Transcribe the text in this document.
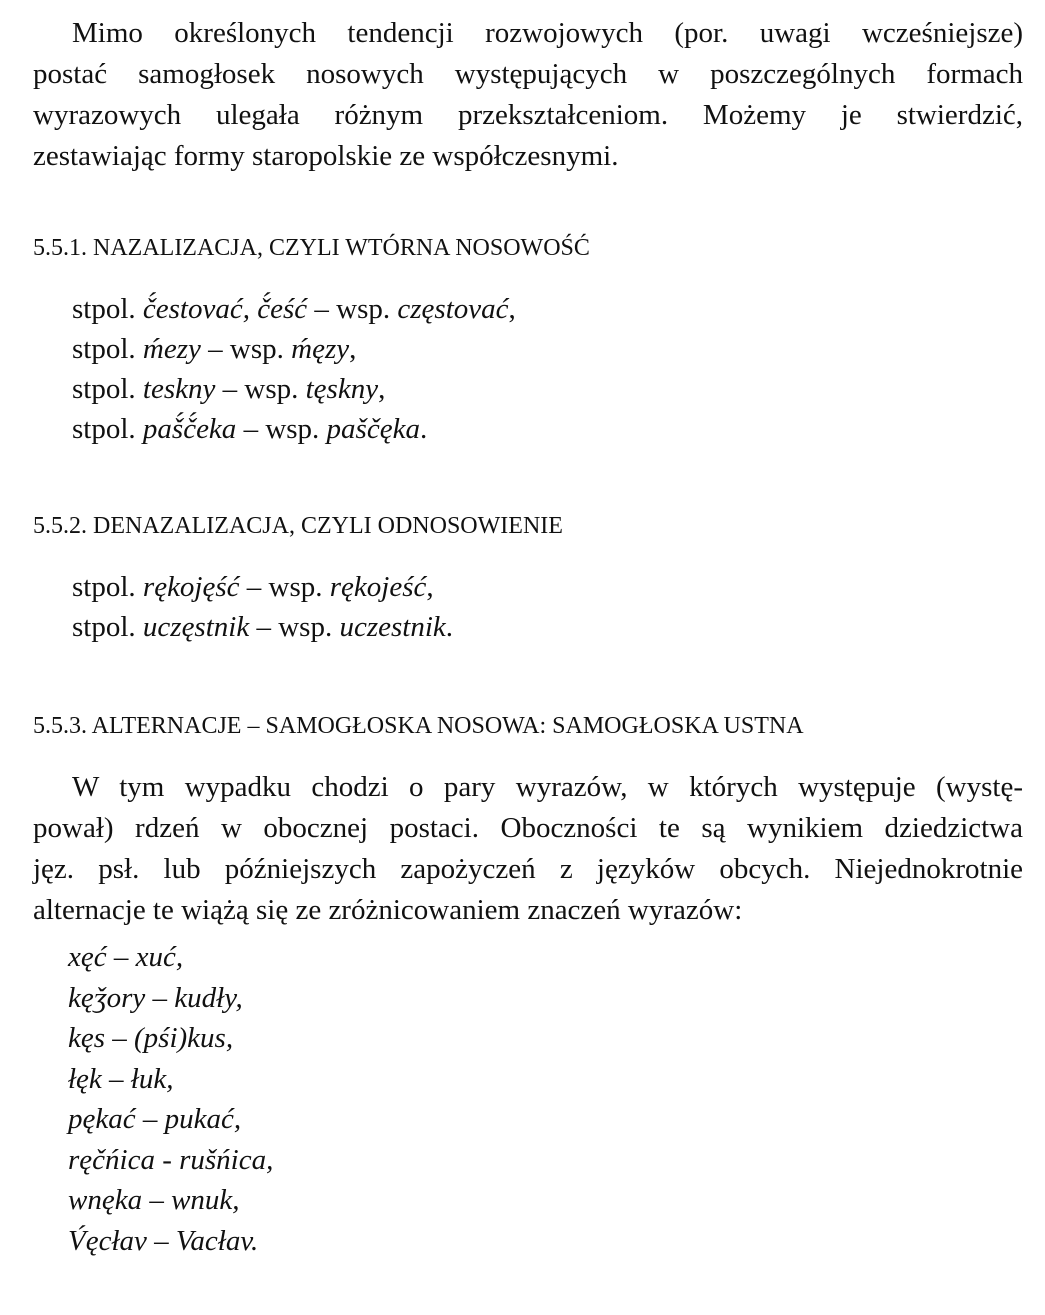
Mimo określonych tendencji rozwojowych (por. uwagi wcześniejsze)
postać samogłosek nosowych występujących w poszczególnych formach
wyrazowych ulegała różnym przekształceniom. Możemy je stwierdzić,
zestawiając formy staropolskie ze współczesnymi.
5.5.1. NAZALIZACJA, CZYLI WTÓRNA NOSOWOŚĆ
stpol. č́estovać, č́eść – wsp. częstovać,
stpol. ḿezy – wsp. ḿęzy,
stpol. teskny – wsp. tęskny,
stpol. paš́č́eka – wsp. paščęka.
5.5.2. DENAZALIZACJA, CZYLI ODNOSOWIENIE
stpol. rękojęść – wsp. rękojeść,
stpol. uczęstnik – wsp. uczestnik.
5.5.3. ALTERNACJE – SAMOGŁOSKA NOSOWA: SAMOGŁOSKA USTNA
W tym wypadku chodzi o pary wyrazów, w których występuje (wystę-
pował) rdzeń w obocznej postaci. Oboczności te są wynikiem dziedzictwa
jęz. psł. lub późniejszych zapożyczeń z języków obcych. Niejednokrotnie
alternacje te wiążą się ze zróżnicowaniem znaczeń wyrazów:
xęć – xuć,
kęǯory – kudły,
kęs – (pśi)kus,
łęk – łuk,
pękać – pukać,
ręčńica - rušńica,
wnęka – wnuk,
V́ęcłav – Vacłav.
